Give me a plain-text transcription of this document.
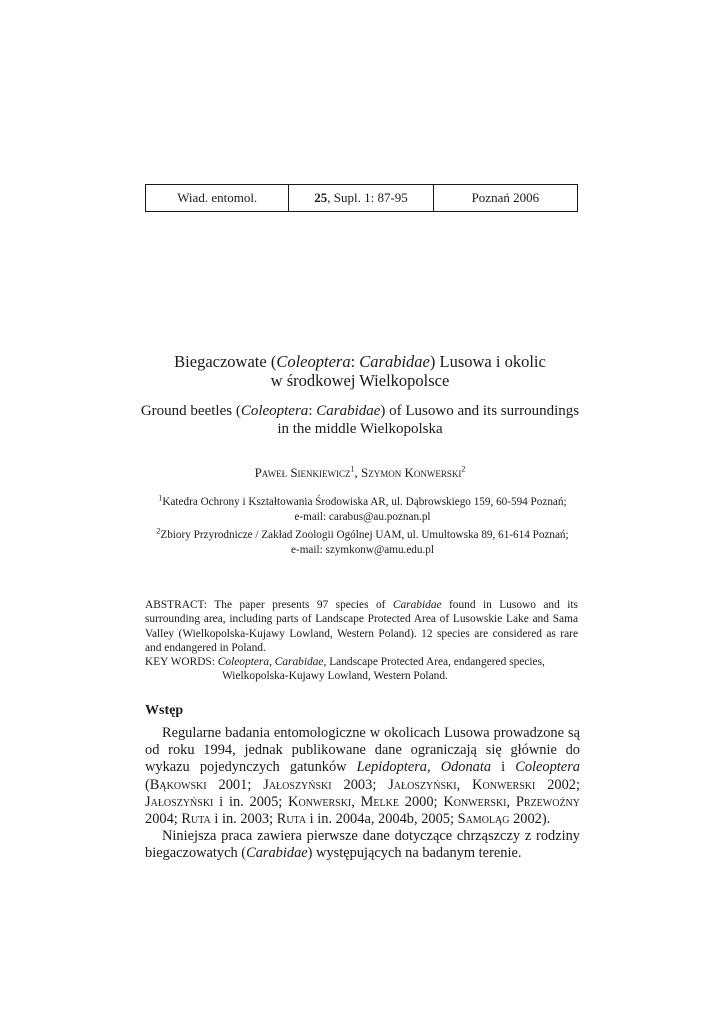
Wiad. entomol.	25, Supl. 1: 87-95	Poznań 2006
Biegaczowate (Coleoptera: Carabidae) Lusowa i okolic
w środkowej Wielkopolsce
Ground beetles (Coleoptera: Carabidae) of Lusowo and its surroundings
in the middle Wielkopolska
Paweł Sienkiewicz$^1$, Szymon Konwerski$^2$
$^1$Katedra Ochrony i Kształtowania Środowiska AR, ul. Dąbrowskiego 159, 60-594 Poznań;
e-mail: carabus@au.poznan.pl
$^2$Zbiory Przyrodnicze / Zakład Zoologii Ogólnej UAM, ul. Umultowska 89, 61-614 Poznań;
e-mail: szymkonw@amu.edu.pl

ABSTRACT: The paper presents 97 species of Carabidae found in Lusowo and its surrounding area, including parts of Landscape Protected Area of Lusowskie Lake and Sama Valley (Wielkopolska-Kujawy Lowland, Western Poland). 12 species are considered as rare and endangered in Poland.

KEY WORDS: Coleoptera, Carabidae, Landscape Protected Area, endangered species,
Wielkopolska-Kujawy Lowland, Western Poland.

Wstęp

Regularne badania entomologiczne w okolicach Lusowa prowadzone są od roku 1994, jednak publikowane dane ograniczają się głównie do wykazu pojedynczych gatunków Lepidoptera, Odonata i Coleoptera (Bąkowski 2001; Jałoszyński 2003; Jałoszyński, Konwerski 2002; Jałoszyński i in. 2005; Konwerski, Melke 2000; Konwerski, Przewoźny 2004; Ruta i in. 2003; Ruta i in. 2004a, 2004b, 2005; Samoląg 2002).

Niniejsza praca zawiera pierwsze dane dotyczące chrząszczy z rodziny biegaczowatych (Carabidae) występujących na badanym terenie.
